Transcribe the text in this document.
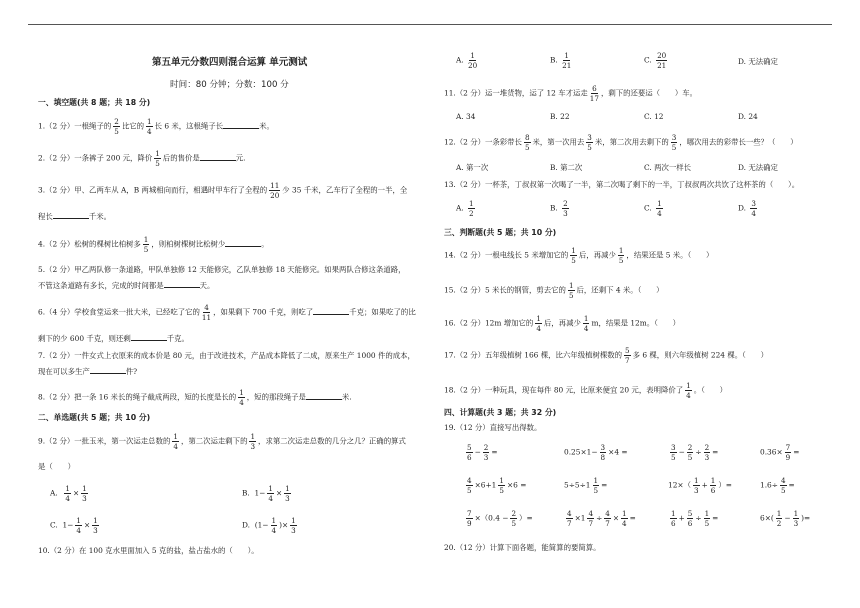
第五单元分数四则混合运算 单元测试
时间：80 分钟；分数：100 分
一、填空题(共 8 题；共 18 分)
1.（2 分）一根绳子的 $\frac{2}{5}$ 比它的 $\frac{1}{4}$ 长 6 米，这根绳子长	米。
2.（2 分）一条裤子 200 元，降价 $\frac{1}{5}$ 后的售价是	元.
3.（2 分）甲、乙两车从 A，B 两城相向而行，相遇时甲车行了全程的 $\frac{11}{20}$ 少 35 千米，乙车行了全程的一半，全
程长	千米。
4.（2 分）松树的棵树比柏树多 $\frac{1}{5}$ ，则柏树棵树比松树少	。
5.（2 分）甲乙两队修一条道路，甲队单独修 12 天能修完，乙队单独修 18 天能修完。如果两队合修这条道路，
不管这条道路有多长，完成的时间都是	天。
6.（4 分）学校食堂运来一批大米，已经吃了它的 $\frac{4}{11}$ ，如果剩下 700 千克，则吃了	千克；如果吃了的比
剩下的少 600 千克，则还剩	千克。
7.（2 分）一件女式上衣原来的成本价是 80 元，由于改进技术，产品成本降低了二成，原来生产 1000 件的成本，
现在可以多生产	件?
8.（2 分）把一条 16 米长的绳子截成两段，短的长度是长的 $\frac{1}{4}$ ，短的那段绳子是	米.
二、单选题(共 5 题；共 10 分)
9.（2 分）一批玉米，第一次运走总数的 $\frac{1}{4}$ ，第二次运走剩下的 $\frac{1}{3}$ ，求第二次运走总数的几分之几？正确的算式
是（　　）
A. $\frac{1}{4} \times \frac{1}{3}$	B. $1- \frac{1}{4} \times \frac{1}{3}$
C. $1- \frac{1}{4} \times \frac{1}{3}$	D. ($1- \frac{1}{4}$ )× $\frac{1}{3}$
10.（2 分）在 100 克水里面加入 5 克的盐，盐占盐水的（　　）。
A. $\frac{1}{20}$	B. $\frac{1}{21}$	C. $\frac{20}{21}$	D. 无法确定
11.（2 分）运一堆货物，运了 12 车才运走 $\frac{6}{17}$ ，剩下的还要运（　　）车。
A. 34	B. 22	C. 12	D. 24
12.（2 分）一条彩带长 $\frac{8}{5}$ 米，第一次用去 $\frac{3}{5}$ 米，第二次用去剩下的 $\frac{3}{5}$ ，哪次用去的彩带长一些？（　　）
A. 第一次	B. 第二次	C. 两次一样长	D. 无法确定
13.（2 分）一杯茶，丁叔叔第一次喝了一半，第二次喝了剩下的一半，丁叔叔两次共饮了这杯茶的（　　）。
A. $\frac{1}{2}$	B. $\frac{2}{3}$	C. $\frac{1}{4}$	D. $\frac{3}{4}$
三、判断题(共 5 题；共 10 分)
14.（2 分）一根电线长 5 米增加它的 $\frac{1}{5}$ 后，再减少 $\frac{1}{5}$ ，结果还是 5 米。（　　）
15.（2 分）5 米长的钢管，剪去它的 $\frac{1}{5}$ 后，还剩下 4 米。（　　）
16.（2 分）12m 增加它的 $\frac{1}{4}$ 后，再减少 $\frac{1}{4}$ m，结果是 12m。（　　）
17.（2 分）五年级植树 166 棵，比六年级植树棵数的 $\frac{5}{7}$ 多 6 棵，则六年级植树 224 棵。（　　）
18.（2 分）一种玩具，现在每件 80 元，比原来便宜 20 元，表明降价了 $\frac{1}{4}$ 。（　　）
四、计算题(共 3 题；共 32 分)
19.（12 分）直接写出得数。
$\frac{5}{6} - \frac{2}{3}$ =	$0.25\times 1- \frac{3}{8} \times 4$ =	$\frac{3}{5} - \frac{2}{5} \div \frac{2}{3}$ =	$0.36\times \frac{7}{9}$ =
$\frac{4}{5} \times 6+1 \frac{1}{5} \times 6$ =	$5\div 5\div 1 \frac{1}{5}$ =	$12\times( \frac{1}{3} + \frac{1}{6}$ ）=	$1.6\div \frac{4}{5}$ =
$\frac{7}{9} \times(0.4 - \frac{2}{5}$ ）=	$\frac{4}{7} \times 1 \frac{4}{7} \div \frac{4}{7} \times \frac{1}{4}$ =	$\frac{1}{6} + \frac{5}{6} \div \frac{1}{5}$ =	$6\times( \frac{1}{2} - \frac{1}{3}$ )=
20.（12 分）计算下面各题，能简算的要简算。
